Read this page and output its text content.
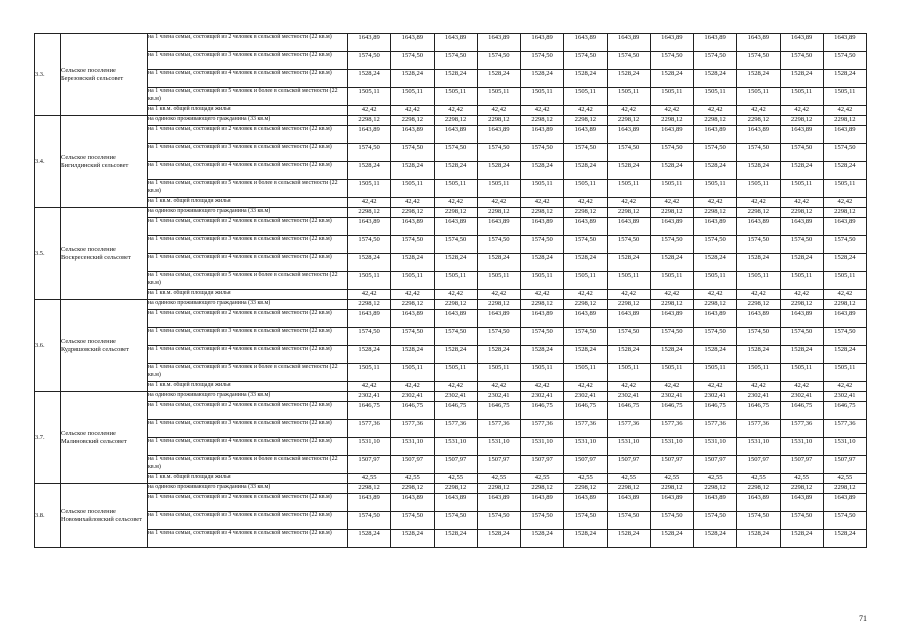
3.3.	Сельское поселение Березовский сельсовет	на 1 члена семьи, состоящей из 2 человек в сельской местности (22 кв.м)	1643,89	1643,89	1643,89	1643,89	1643,89	1643,89	1643,89	1643,89	1643,89	1643,89	1643,89	1643,89
		на 1 члена семьи, состоящей из 3 человек в сельской местности (22 кв.м)	1574,50	1574,50	1574,50	1574,50	1574,50	1574,50	1574,50	1574,50	1574,50	1574,50	1574,50	1574,50
		на 1 члена семьи, состоящей из 4 человек в сельской местности (22 кв.м)	1528,24	1528,24	1528,24	1528,24	1528,24	1528,24	1528,24	1528,24	1528,24	1528,24	1528,24	1528,24
		на 1 члена семьи, состоящей из 5 человек и более в сельской местности (22 кв.м)	1505,11	1505,11	1505,11	1505,11	1505,11	1505,11	1505,11	1505,11	1505,11	1505,11	1505,11	1505,11
		на 1 кв.м. общей площади жилья	42,42	42,42	42,42	42,42	42,42	42,42	42,42	42,42	42,42	42,42	42,42	42,42
3.4.	Сельское поселение Бигилдинский сельсовет	на одиноко проживающего гражданина (33 кв.м)	2298,12	2298,12	2298,12	2298,12	2298,12	2298,12	2298,12	2298,12	2298,12	2298,12	2298,12	2298,12
		на 1 члена семьи, состоящей из 2 человек в сельской местности (22 кв.м)	1643,89	1643,89	1643,89	1643,89	1643,89	1643,89	1643,89	1643,89	1643,89	1643,89	1643,89	1643,89
		на 1 члена семьи, состоящей из 3 человек в сельской местности (22 кв.м)	1574,50	1574,50	1574,50	1574,50	1574,50	1574,50	1574,50	1574,50	1574,50	1574,50	1574,50	1574,50
		на 1 члена семьи, состоящей из 4 человек в сельской местности (22 кв.м)	1528,24	1528,24	1528,24	1528,24	1528,24	1528,24	1528,24	1528,24	1528,24	1528,24	1528,24	1528,24
		на 1 члена семьи, состоящей из 5 человек и более в сельской местности (22 кв.м)	1505,11	1505,11	1505,11	1505,11	1505,11	1505,11	1505,11	1505,11	1505,11	1505,11	1505,11	1505,11
		на 1 кв.м. общей площади жилья	42,42	42,42	42,42	42,42	42,42	42,42	42,42	42,42	42,42	42,42	42,42	42,42
3.5.	Сельское поселение Воскресенский сельсовет	на одиноко проживающего гражданина (33 кв.м)	2298,12	2298,12	2298,12	2298,12	2298,12	2298,12	2298,12	2298,12	2298,12	2298,12	2298,12	2298,12
		на 1 члена семьи, состоящей из 2 человек в сельской местности (22 кв.м)	1643,89	1643,89	1643,89	1643,89	1643,89	1643,89	1643,89	1643,89	1643,89	1643,89	1643,89	1643,89
		на 1 члена семьи, состоящей из 3 человек в сельской местности (22 кв.м)	1574,50	1574,50	1574,50	1574,50	1574,50	1574,50	1574,50	1574,50	1574,50	1574,50	1574,50	1574,50
		на 1 члена семьи, состоящей из 4 человек в сельской местности (22 кв.м)	1528,24	1528,24	1528,24	1528,24	1528,24	1528,24	1528,24	1528,24	1528,24	1528,24	1528,24	1528,24
		на 1 члена семьи, состоящей из 5 человек и более в сельской местности (22 кв.м)	1505,11	1505,11	1505,11	1505,11	1505,11	1505,11	1505,11	1505,11	1505,11	1505,11	1505,11	1505,11
		на 1 кв.м. общей площади жилья	42,42	42,42	42,42	42,42	42,42	42,42	42,42	42,42	42,42	42,42	42,42	42,42
3.6.	Сельское поселение Кудряшовский сельсовет	на одиноко проживающего гражданина (33 кв.м)	2298,12	2298,12	2298,12	2298,12	2298,12	2298,12	2298,12	2298,12	2298,12	2298,12	2298,12	2298,12
		на 1 члена семьи, состоящей из 2 человек в сельской местности (22 кв.м)	1643,89	1643,89	1643,89	1643,89	1643,89	1643,89	1643,89	1643,89	1643,89	1643,89	1643,89	1643,89
		на 1 члена семьи, состоящей из 3 человек в сельской местности (22 кв.м)	1574,50	1574,50	1574,50	1574,50	1574,50	1574,50	1574,50	1574,50	1574,50	1574,50	1574,50	1574,50
		на 1 члена семьи, состоящей из 4 человек в сельской местности (22 кв.м)	1528,24	1528,24	1528,24	1528,24	1528,24	1528,24	1528,24	1528,24	1528,24	1528,24	1528,24	1528,24
		на 1 члена семьи, состоящей из 5 человек и более в сельской местности (22 кв.м)	1505,11	1505,11	1505,11	1505,11	1505,11	1505,11	1505,11	1505,11	1505,11	1505,11	1505,11	1505,11
		на 1 кв.м. общей площади жилья	42,42	42,42	42,42	42,42	42,42	42,42	42,42	42,42	42,42	42,42	42,42	42,42
3.7.	Сельское поселение Малиновский сельсовет	на одиноко проживающего гражданина (33 кв.м)	2302,41	2302,41	2302,41	2302,41	2302,41	2302,41	2302,41	2302,41	2302,41	2302,41	2302,41	2302,41
		на 1 члена семьи, состоящей из 2 человек в сельской местности (22 кв.м)	1646,75	1646,75	1646,75	1646,75	1646,75	1646,75	1646,75	1646,75	1646,75	1646,75	1646,75	1646,75
		на 1 члена семьи, состоящей из 3 человек в сельской местности (22 кв.м)	1577,36	1577,36	1577,36	1577,36	1577,36	1577,36	1577,36	1577,36	1577,36	1577,36	1577,36	1577,36
		на 1 члена семьи, состоящей из 4 человек в сельской местности (22 кв.м)	1531,10	1531,10	1531,10	1531,10	1531,10	1531,10	1531,10	1531,10	1531,10	1531,10	1531,10	1531,10
		на 1 члена семьи, состоящей из 5 человек и более в сельской местности (22 кв.м)	1507,97	1507,97	1507,97	1507,97	1507,97	1507,97	1507,97	1507,97	1507,97	1507,97	1507,97	1507,97
		на 1 кв.м. общей площади жилья	42,55	42,55	42,55	42,55	42,55	42,55	42,55	42,55	42,55	42,55	42,55	42,55
3.8.	Сельское поселение Новомихайловский сельсовет	на одиноко проживающего гражданина (33 кв.м)	2298,12	2298,12	2298,12	2298,12	2298,12	2298,12	2298,12	2298,12	2298,12	2298,12	2298,12	2298,12
		на 1 члена семьи, состоящей из 2 человек в сельской местности (22 кв.м)	1643,89	1643,89	1643,89	1643,89	1643,89	1643,89	1643,89	1643,89	1643,89	1643,89	1643,89	1643,89
		на 1 члена семьи, состоящей из 3 человек в сельской местности (22 кв.м)	1574,50	1574,50	1574,50	1574,50	1574,50	1574,50	1574,50	1574,50	1574,50	1574,50	1574,50	1574,50
		на 1 члена семьи, состоящей из 4 человек в сельской местности (22 кв.м)	1528,24	1528,24	1528,24	1528,24	1528,24	1528,24	1528,24	1528,24	1528,24	1528,24	1528,24	1528,24
71
